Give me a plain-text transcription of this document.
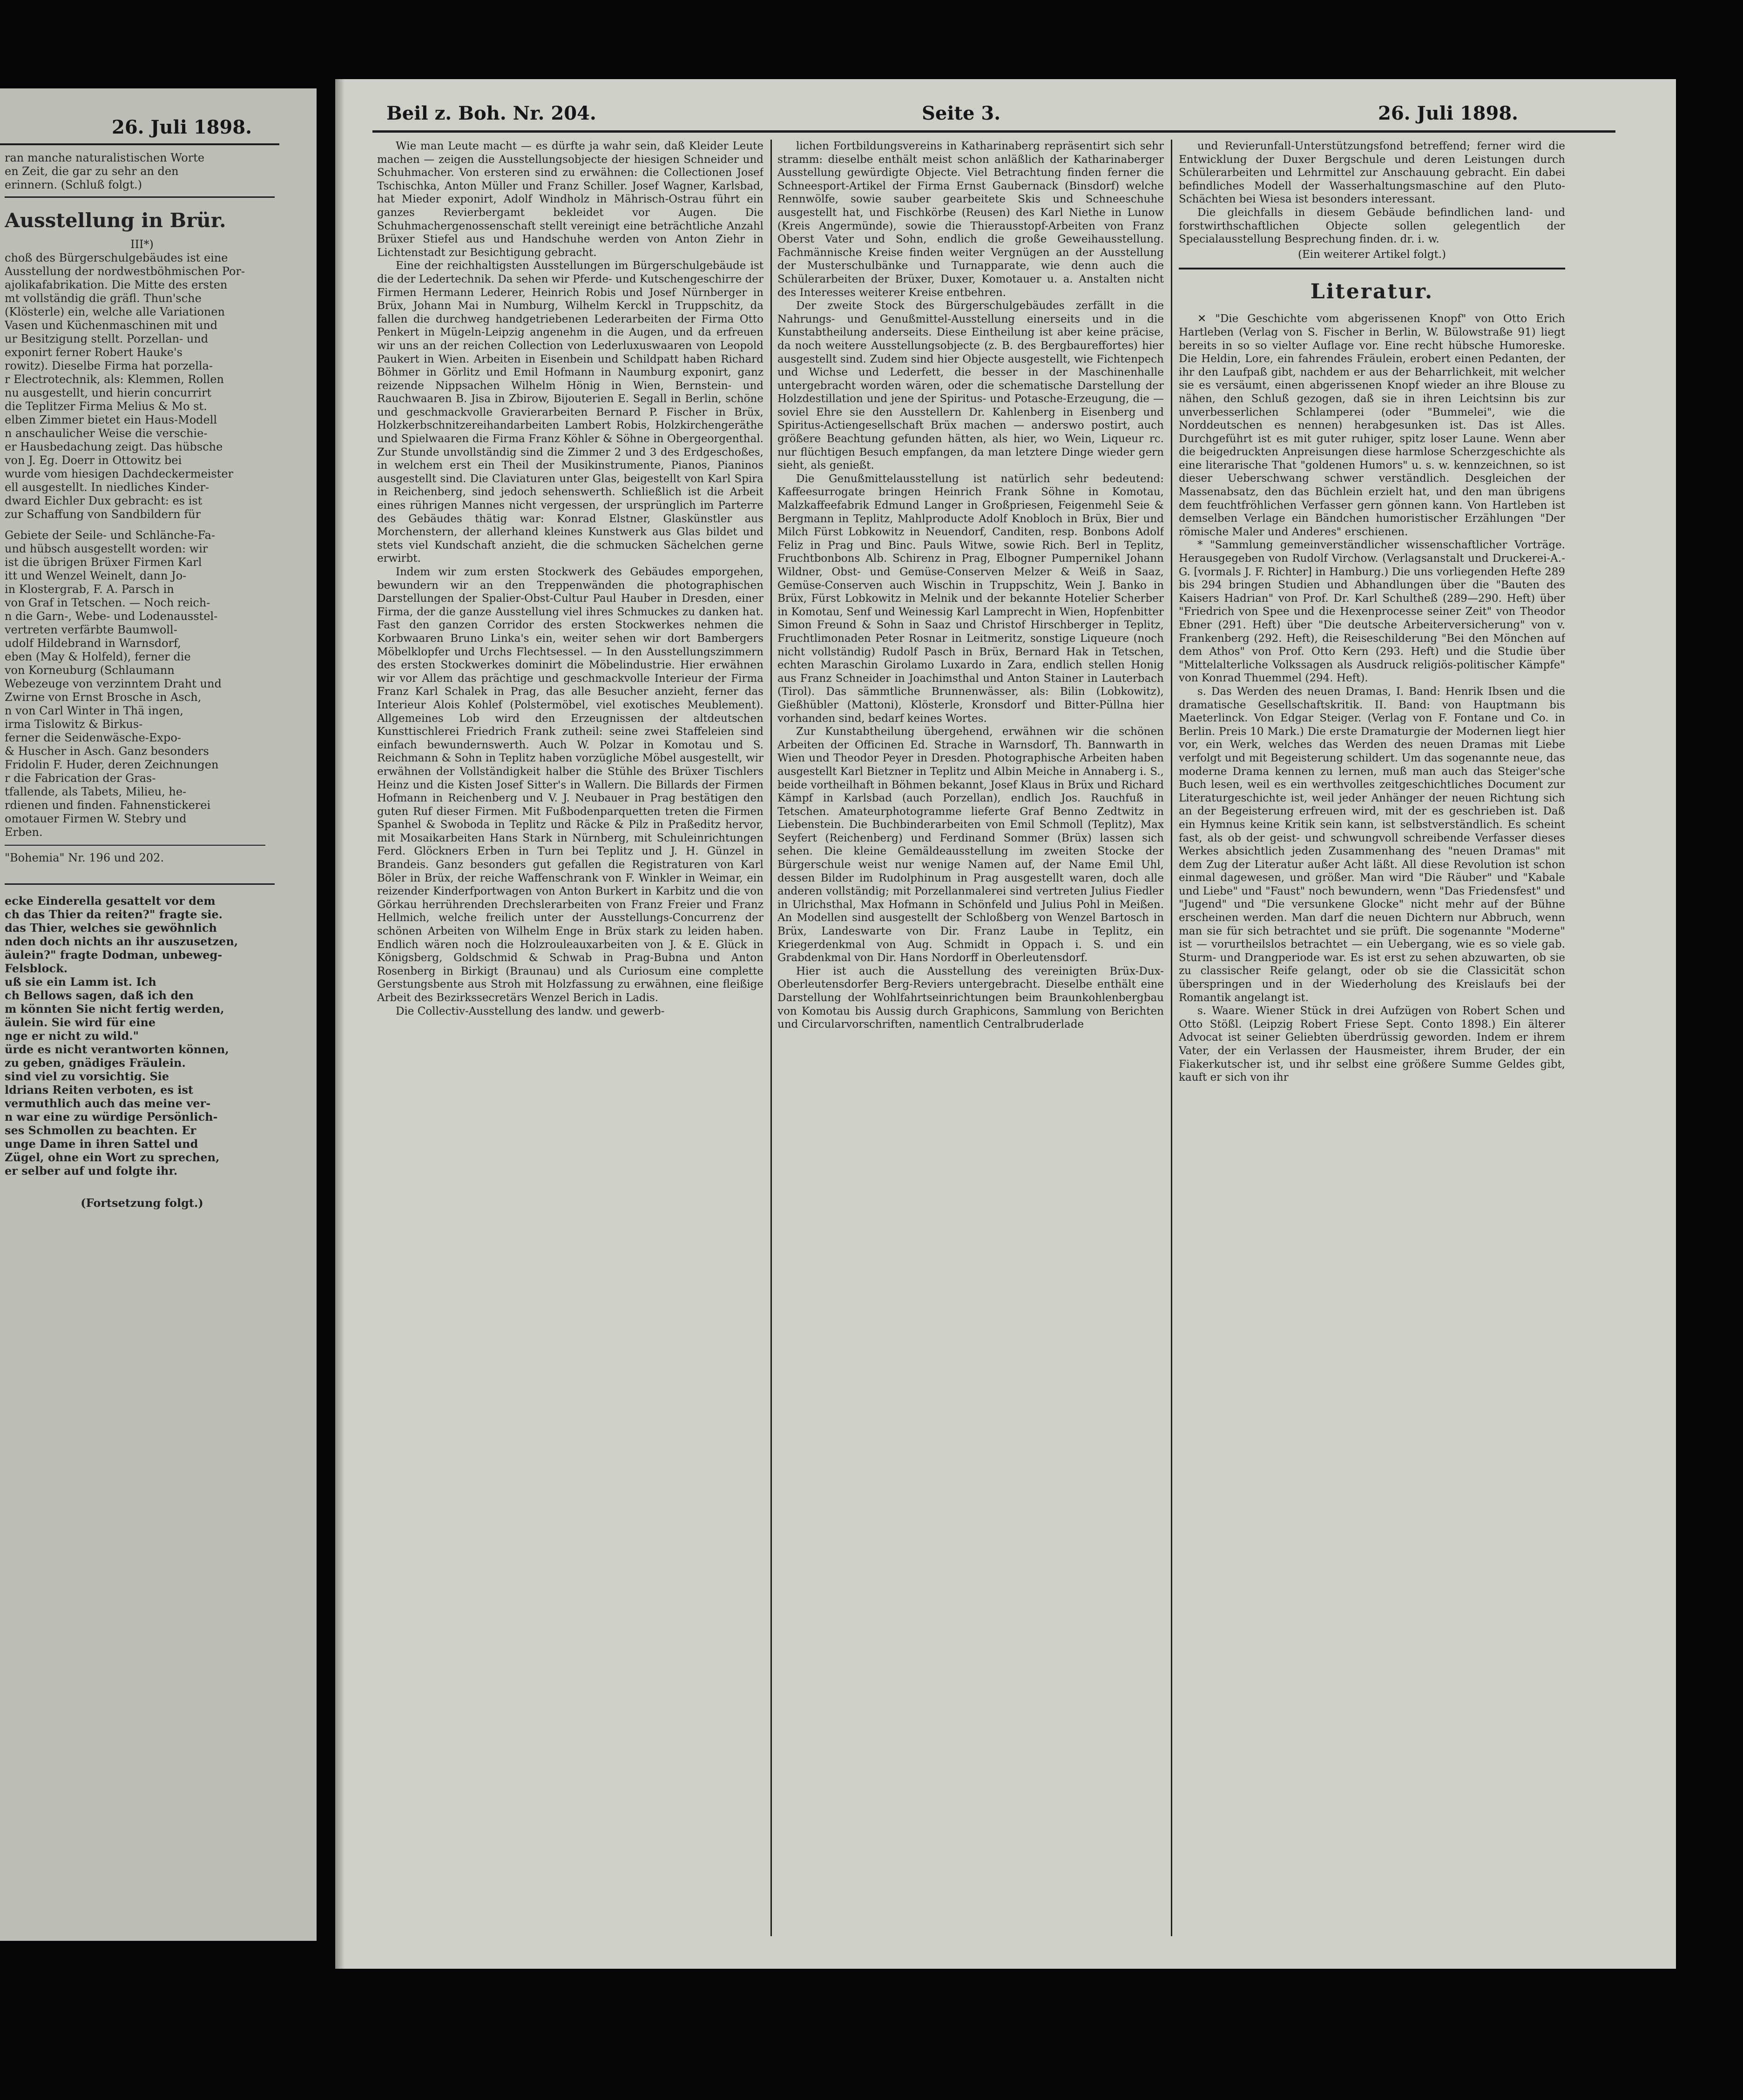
26. Juli 1898.

ran manche naturalistischen Worte

en Zeit, die gar zu sehr an den

erinnern. (Schluß folgt.)

Ausstellung in Brür.

III*)

choß des Bürgerschulgebäudes ist eine

Ausstellung der nordwestböhmischen Por-

ajolikafabrikation. Die Mitte des ersten

mt vollständig die gräfl. Thun'sche

(Klösterle) ein, welche alle Variationen

Vasen und Küchenmaschinen mit und

ur Besitzigung stellt. Porzellan- und

exponirt ferner Robert Hauke's

rowitz). Dieselbe Firma hat porzella-

r Electrotechnik, als: Klemmen, Rollen

nu ausgestellt, und hierin concurrirt

die Teplitzer Firma Melius & Mo st.

elben Zimmer bietet ein Haus-Modell

n anschaulicher Weise die verschie-

er Hausbedachung zeigt. Das hübsche

von J. Eg. Doerr in Ottowitz bei

wurde vom hiesigen Dachdeckermeister

ell ausgestellt. In niedliches Kinder-

dward Eichler Dux gebracht: es ist

zur Schaffung von Sandbildern für

Gebiete der Seile- und Schlänche-Fa-

und hübsch ausgestellt worden: wir

ist die übrigen Brüxer Firmen Karl

itt und Wenzel Weinelt, dann Jo-

in Klostergrab, F. A. Parsch in

von Graf in Tetschen. — Noch reich-

n die Garn-, Webe- und Lodenausstel-

vertreten verfärbte Baumwoll-

udolf Hildebrand in Warnsdorf,

eben (May & Holfeld), ferner die

von Korneuburg (Schlaumann

Webezeuge von verzinntem Draht und

Zwirne von Ernst Brosche in Asch,

n von Carl Winter in Thä ingen,

irma Tislowitz & Birkus-

ferner die Seidenwäsche-Expo-

& Huscher in Asch. Ganz besonders

Fridolin F. Huder, deren Zeichnungen

r die Fabrication der Gras-

tfallende, als Tabets, Milieu, he-

rdienen und finden. Fahnenstickerei

omotauer Firmen W. Stebry und

Erben.

"Bohemia" Nr. 196 und 202.

ecke Einderella gesattelt vor dem

ch das Thier da reiten?" fragte sie.

das Thier, welches sie gewöhnlich

nden doch nichts an ihr auszusetzen,

äulein?" fragte Dodman, unbeweg-

Felsblock.

uß sie ein Lamm ist. Ich

ch Bellows sagen, daß ich den

m könnten Sie nicht fertig werden,

äulein. Sie wird für eine

nge er nicht zu wild."

ürde es nicht verantworten können,

zu geben, gnädiges Fräulein.

sind viel zu vorsichtig. Sie

ldrians Reiten verboten, es ist

vermuthlich auch das meine ver-

n war eine zu würdige Persönlich-

ses Schmollen zu beachten. Er

unge Dame in ihren Sattel und

Zügel, ohne ein Wort zu sprechen,

er selber auf und folgte ihr.

(Fortsetzung folgt.)

Beil z. Boh. Nr. 204.	Seite 3.	26. Juli 1898.

Wie man Leute macht — es dürfte ja wahr sein, daß Kleider Leute machen — zeigen die Ausstellungsobjecte der hiesigen Schneider und Schuhmacher. Von ersteren sind zu erwähnen: die Collectionen Josef Tschischka, Anton Müller und Franz Schiller. Josef Wagner, Karlsbad, hat Mieder exponirt, Adolf Windholz in Mährisch-Ostrau führt ein ganzes Revierbergamt bekleidet vor Augen. Die Schuhmachergenossenschaft stellt vereinigt eine beträchtliche Anzahl Brüxer Stiefel aus und Handschuhe werden von Anton Ziehr in Lichtenstadt zur Besichtigung gebracht.

Eine der reichhaltigsten Ausstellungen im Bürgerschulgebäude ist die der Ledertechnik. Da sehen wir Pferde- und Kutschengeschirre der Firmen Hermann Lederer, Heinrich Robis und Josef Nürnberger in Brüx, Johann Mai in Numburg, Wilhelm Kerckl in Truppschitz, da fallen die durchweg handgetriebenen Lederarbeiten der Firma Otto Penkert in Mügeln-Leipzig angenehm in die Augen, und da erfreuen wir uns an der reichen Collection von Lederluxuswaaren von Leopold Paukert in Wien. Arbeiten in Eisenbein und Schildpatt haben Richard Böhmer in Görlitz und Emil Hofmann in Naumburg exponirt, ganz reizende Nippsachen Wilhelm Hönig in Wien, Bernstein- und Rauchwaaren B. Jisa in Zbirow, Bijouterien E. Segall in Berlin, schöne und geschmackvolle Gravierarbeiten Bernard P. Fischer in Brüx, Holzkerbschnitzereihandarbeiten Lambert Robis, Holzkirchengeräthe und Spielwaaren die Firma Franz Köhler & Söhne in Obergeorgenthal. Zur Stunde unvollständig sind die Zimmer 2 und 3 des Erdgeschoßes, in welchem erst ein Theil der Musikinstrumente, Pianos, Pianinos ausgestellt sind. Die Claviaturen unter Glas, beigestellt von Karl Spira in Reichenberg, sind jedoch sehenswerth. Schließlich ist die Arbeit eines rührigen Mannes nicht vergessen, der ursprünglich im Parterre des Gebäudes thätig war: Konrad Elstner, Glaskünstler aus Morchenstern, der allerhand kleines Kunstwerk aus Glas bildet und stets viel Kundschaft anzieht, die die schmucken Sächelchen gerne erwirbt.

Indem wir zum ersten Stockwerk des Gebäudes emporgehen, bewundern wir an den Treppenwänden die photographischen Darstellungen der Spalier-Obst-Cultur Paul Hauber in Dresden, einer Firma, der die ganze Ausstellung viel ihres Schmuckes zu danken hat. Fast den ganzen Corridor des ersten Stockwerkes nehmen die Korbwaaren Bruno Linka's ein, weiter sehen wir dort Bambergers Möbelklopfer und Urchs Flechtsessel. — In den Ausstellungszimmern des ersten Stockwerkes dominirt die Möbelindustrie. Hier erwähnen wir vor Allem das prächtige und geschmackvolle Interieur der Firma Franz Karl Schalek in Prag, das alle Besucher anzieht, ferner das Interieur Alois Kohlef (Polstermöbel, viel exotisches Meublement). Allgemeines Lob wird den Erzeugnissen der altdeutschen Kunsttischlerei Friedrich Frank zutheil: seine zwei Staffeleien sind einfach bewundernswerth. Auch W. Polzar in Komotau und S. Reichmann & Sohn in Teplitz haben vorzügliche Möbel ausgestellt, wir erwähnen der Vollständigkeit halber die Stühle des Brüxer Tischlers Heinz und die Kisten Josef Sitter's in Wallern. Die Billards der Firmen Hofmann in Reichenberg und V. J. Neubauer in Prag bestätigen den guten Ruf dieser Firmen. Mit Fußbodenparquetten treten die Firmen Spanhel & Swoboda in Teplitz und Räcke & Pilz in Praßeditz hervor, mit Mosaikarbeiten Hans Stark in Nürnberg, mit Schuleinrichtungen Ferd. Glöckners Erben in Turn bei Teplitz und J. H. Günzel in Brandeis. Ganz besonders gut gefallen die Registraturen von Karl Böler in Brüx, der reiche Waffenschrank von F. Winkler in Weimar, ein reizender Kinderfportwagen von Anton Burkert in Karbitz und die von Görkau herrührenden Drechslerarbeiten von Franz Freier und Franz Hellmich, welche freilich unter der Ausstellungs-Concurrenz der schönen Arbeiten von Wilhelm Enge in Brüx stark zu leiden haben. Endlich wären noch die Holzrouleauxarbeiten von J. & E. Glück in Königsberg, Goldschmid & Schwab in Prag-Bubna und Anton Rosenberg in Birkigt (Braunau) und als Curiosum eine complette Gerstungsbente aus Stroh mit Holzfassung zu erwähnen, eine fleißige Arbeit des Bezirkssecretärs Wenzel Berich in Ladis.

Die Collectiv-Ausstellung des landw. und gewerb-

lichen Fortbildungsvereins in Katharinaberg repräsentirt sich sehr stramm: dieselbe enthält meist schon anläßlich der Katharinaberger Ausstellung gewürdigte Objecte. Viel Betrachtung finden ferner die Schneesport-Artikel der Firma Ernst Gaubernack (Binsdorf) welche Rennwölfe, sowie sauber gearbeitete Skis und Schneeschuhe ausgestellt hat, und Fischkörbe (Reusen) des Karl Niethe in Lunow (Kreis Angermünde), sowie die Thierausstopf-Arbeiten von Franz Oberst Vater und Sohn, endlich die große Geweihausstellung. Fachmännische Kreise finden weiter Vergnügen an der Ausstellung der Musterschulbänke und Turnapparate, wie denn auch die Schülerarbeiten der Brüxer, Duxer, Komotauer u. a. Anstalten nicht des Interesses weiterer Kreise entbehren.

Der zweite Stock des Bürgerschulgebäudes zerfällt in die Nahrungs- und Genußmittel-Ausstellung einerseits und in die Kunstabtheilung anderseits. Diese Eintheilung ist aber keine präcise, da noch weitere Ausstellungsobjecte (z. B. des Bergbaureffortes) hier ausgestellt sind. Zudem sind hier Objecte ausgestellt, wie Fichtenpech und Wichse und Lederfett, die besser in der Maschinenhalle untergebracht worden wären, oder die schematische Darstellung der Holzdestillation und jene der Spiritus- und Potasche-Erzeugung, die — soviel Ehre sie den Ausstellern Dr. Kahlenberg in Eisenberg und Spiritus-Actiengesellschaft Brüx machen — anderswo postirt, auch größere Beachtung gefunden hätten, als hier, wo Wein, Liqueur rc. nur flüchtigen Besuch empfangen, da man letztere Dinge wieder gern sieht, als genießt.

Die Genußmittelausstellung ist natürlich sehr bedeutend: Kaffeesurrogate bringen Heinrich Frank Söhne in Komotau, Malzkaffeefabrik Edmund Langer in Großpriesen, Feigenmehl Seie & Bergmann in Teplitz, Mahlproducte Adolf Knobloch in Brüx, Bier und Milch Fürst Lobkowitz in Neuendorf, Canditen, resp. Bonbons Adolf Feliz in Prag und Binc. Pauls Witwe, sowie Rich. Berl in Teplitz, Fruchtbonbons Alb. Schirenz in Prag, Elbogner Pumpernikel Johann Wildner, Obst- und Gemüse-Conserven Melzer & Weiß in Saaz, Gemüse-Conserven auch Wischin in Truppschitz, Wein J. Banko in Brüx, Fürst Lobkowitz in Melnik und der bekannte Hotelier Scherber in Komotau, Senf und Weinessig Karl Lamprecht in Wien, Hopfenbitter Simon Freund & Sohn in Saaz und Christof Hirschberger in Teplitz, Fruchtlimonaden Peter Rosnar in Leitmeritz, sonstige Liqueure (noch nicht vollständig) Rudolf Pasch in Brüx, Bernard Hak in Tetschen, echten Maraschin Girolamo Luxardo in Zara, endlich stellen Honig aus Franz Schneider in Joachimsthal und Anton Stainer in Lauterbach (Tirol). Das sämmtliche Brunnenwässer, als: Bilin (Lobkowitz), Gießhübler (Mattoni), Klösterle, Kronsdorf und Bitter-Püllna hier vorhanden sind, bedarf keines Wortes.

Zur Kunstabtheilung übergehend, erwähnen wir die schönen Arbeiten der Officinen Ed. Strache in Warnsdorf, Th. Bannwarth in Wien und Theodor Peyer in Dresden. Photographische Arbeiten haben ausgestellt Karl Bietzner in Teplitz und Albin Meiche in Annaberg i. S., beide vortheilhaft in Böhmen bekannt, Josef Klaus in Brüx und Richard Kämpf in Karlsbad (auch Porzellan), endlich Jos. Rauchfuß in Tetschen. Amateurphotogramme lieferte Graf Benno Zedtwitz in Liebenstein. Die Buchbinderarbeiten von Emil Schmoll (Teplitz), Max Seyfert (Reichenberg) und Ferdinand Sommer (Brüx) lassen sich sehen. Die kleine Gemäldeausstellung im zweiten Stocke der Bürgerschule weist nur wenige Namen auf, der Name Emil Uhl, dessen Bilder im Rudolphinum in Prag ausgestellt waren, doch alle anderen vollständig; mit Porzellanmalerei sind vertreten Julius Fiedler in Ulrichsthal, Max Hofmann in Schönfeld und Julius Pohl in Meißen. An Modellen sind ausgestellt der Schloßberg von Wenzel Bartosch in Brüx, Landeswarte von Dir. Franz Laube in Teplitz, ein Kriegerdenkmal von Aug. Schmidt in Oppach i. S. und ein Grabdenkmal von Dir. Hans Nordorff in Oberleutensdorf.

Hier ist auch die Ausstellung des vereinigten Brüx-Dux-Oberleutensdorfer Berg-Reviers untergebracht. Dieselbe enthält eine Darstellung der Wohlfahrtseinrichtungen beim Braunkohlenbergbau von Komotau bis Aussig durch Graphicons, Sammlung von Berichten und Circularvorschriften, namentlich Centralbruderlade

und Revierunfall-Unterstützungsfond betreffend; ferner wird die Entwicklung der Duxer Bergschule und deren Leistungen durch Schülerarbeiten und Lehrmittel zur Anschauung gebracht. Ein dabei befindliches Modell der Wasserhaltungsmaschine auf den Pluto-Schächten bei Wiesa ist besonders interessant.

Die gleichfalls in diesem Gebäude befindlichen land- und forstwirthschaftlichen Objecte sollen gelegentlich der Specialausstellung Besprechung finden. dr. i. w.

(Ein weiterer Artikel folgt.)

Literatur.

✕ "Die Geschichte vom abgerissenen Knopf" von Otto Erich Hartleben (Verlag von S. Fischer in Berlin, W. Bülowstraße 91) liegt bereits in so so vielter Auflage vor. Eine recht hübsche Humoreske. Die Heldin, Lore, ein fahrendes Fräulein, erobert einen Pedanten, der ihr den Laufpaß gibt, nachdem er aus der Beharrlichkeit, mit welcher sie es versäumt, einen abgerissenen Knopf wieder an ihre Blouse zu nähen, den Schluß gezogen, daß sie in ihren Leichtsinn bis zur unverbesserlichen Schlamperei (oder "Bummelei", wie die Norddeutschen es nennen) herabgesunken ist. Das ist Alles. Durchgeführt ist es mit guter ruhiger, spitz loser Laune. Wenn aber die beigedruckten Anpreisungen diese harmlose Scherzgeschichte als eine literarische That "goldenen Humors" u. s. w. kennzeichnen, so ist dieser Ueberschwang schwer verständlich. Desgleichen der Massenabsatz, den das Büchlein erzielt hat, und den man übrigens dem feuchtfröhlichen Verfasser gern gönnen kann. Von Hartleben ist demselben Verlage ein Bändchen humoristischer Erzählungen "Der römische Maler und Anderes" erschienen.

* "Sammlung gemeinverständlicher wissenschaftlicher Vorträge. Herausgegeben von Rudolf Virchow. (Verlagsanstalt und Druckerei-A.-G. [vormals J. F. Richter] in Hamburg.) Die uns vorliegenden Hefte 289 bis 294 bringen Studien und Abhandlungen über die "Bauten des Kaisers Hadrian" von Prof. Dr. Karl Schultheß (289—290. Heft) über "Friedrich von Spee und die Hexenprocesse seiner Zeit" von Theodor Ebner (291. Heft) über "Die deutsche Arbeiterversicherung" von v. Frankenberg (292. Heft), die Reiseschilderung "Bei den Mönchen auf dem Athos" von Prof. Otto Kern (293. Heft) und die Studie über "Mittelalterliche Volkssagen als Ausdruck religiös-politischer Kämpfe" von Konrad Thuemmel (294. Heft).

s. Das Werden des neuen Dramas, I. Band: Henrik Ibsen und die dramatische Gesellschaftskritik. II. Band: von Hauptmann bis Maeterlinck. Von Edgar Steiger. (Verlag von F. Fontane und Co. in Berlin. Preis 10 Mark.) Die erste Dramaturgie der Modernen liegt hier vor, ein Werk, welches das Werden des neuen Dramas mit Liebe verfolgt und mit Begeisterung schildert. Um das sogenannte neue, das moderne Drama kennen zu lernen, muß man auch das Steiger'sche Buch lesen, weil es ein werthvolles zeitgeschichtliches Document zur Literaturgeschichte ist, weil jeder Anhänger der neuen Richtung sich an der Begeisterung erfreuen wird, mit der es geschrieben ist. Daß ein Hymnus keine Kritik sein kann, ist selbstverständlich. Es scheint fast, als ob der geist- und schwungvoll schreibende Verfasser dieses Werkes absichtlich jeden Zusammenhang des "neuen Dramas" mit dem Zug der Literatur außer Acht läßt. All diese Revolution ist schon einmal dagewesen, und größer. Man wird "Die Räuber" und "Kabale und Liebe" und "Faust" noch bewundern, wenn "Das Friedensfest" und "Jugend" und "Die versunkene Glocke" nicht mehr auf der Bühne erscheinen werden. Man darf die neuen Dichtern nur Abbruch, wenn man sie für sich betrachtet und sie prüft. Die sogenannte "Moderne" ist — vorurtheilslos betrachtet — ein Uebergang, wie es so viele gab. Sturm- und Drangperiode war. Es ist erst zu sehen abzuwarten, ob sie zu classischer Reife gelangt, oder ob sie die Classicität schon überspringen und in der Wiederholung des Kreislaufs bei der Romantik angelangt ist.

s. Waare. Wiener Stück in drei Aufzügen von Robert Schen und Otto Stößl. (Leipzig Robert Friese Sept. Conto 1898.) Ein älterer Advocat ist seiner Geliebten überdrüssig geworden. Indem er ihrem Vater, der ein Verlassen der Hausmeister, ihrem Bruder, der ein Fiakerkutscher ist, und ihr selbst eine größere Summe Geldes gibt, kauft er sich von ihr
